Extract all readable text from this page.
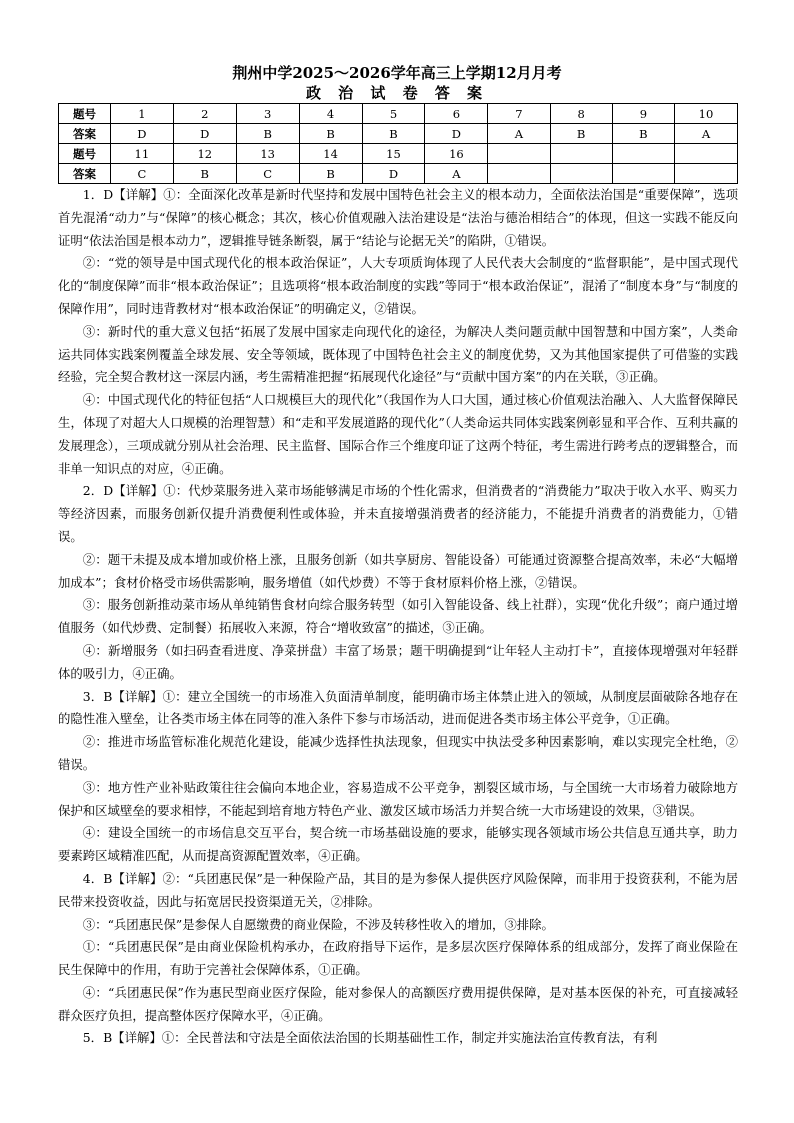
荆州中学2025～2026学年高三上学期12月月考
政 治 试 卷 答 案
题号	1	2	3	4	5	6	7	8	9	10
答案	D	D	B	B	B	D	A	B	B	A
题号	11	12	13	14	15	16				
答案	C	B	C	B	D	A				

1．D【详解】①：全面深化改革是新时代坚持和发展中国特色社会主义的根本动力，全面依法治国是“重要保障”，选项首先混淆“动力”与“保障”的核心概念；其次，核心价值观融入法治建设是“法治与德治相结合”的体现，但这一实践不能反向证明“依法治国是根本动力”，逻辑推导链条断裂，属于“结论与论据无关”的陷阱，①错误。

②：“党的领导是中国式现代化的根本政治保证”，人大专项质询体现了人民代表大会制度的“监督职能”，是中国式现代化的“制度保障”而非“根本政治保证”；且选项将“根本政治制度的实践”等同于“根本政治保证”，混淆了“制度本身”与“制度的保障作用”，同时违背教材对“根本政治保证”的明确定义，②错误。

③：新时代的重大意义包括“拓展了发展中国家走向现代化的途径，为解决人类问题贡献中国智慧和中国方案”，人类命运共同体实践案例覆盖全球发展、安全等领域，既体现了中国特色社会主义的制度优势，又为其他国家提供了可借鉴的实践经验，完全契合教材这一深层内涵，考生需精准把握“拓展现代化途径”与“贡献中国方案”的内在关联，③正确。

④：中国式现代化的特征包括“人口规模巨大的现代化”（我国作为人口大国，通过核心价值观法治融入、人大监督保障民生，体现了对超大人口规模的治理智慧）和“走和平发展道路的现代化”（人类命运共同体实践案例彰显和平合作、互利共赢的发展理念），三项成就分别从社会治理、民主监督、国际合作三个维度印证了这两个特征，考生需进行跨考点的逻辑整合，而非单一知识点的对应，④正确。

2．D【详解】①：代炒菜服务进入菜市场能够满足市场的个性化需求，但消费者的“消费能力”取决于收入水平、购买力等经济因素，而服务创新仅提升消费便利性或体验，并未直接增强消费者的经济能力，不能提升消费者的消费能力，①错误。

②：题干未提及成本增加或价格上涨，且服务创新（如共享厨房、智能设备）可能通过资源整合提高效率，未必“大幅增加成本”；食材价格受市场供需影响，服务增值（如代炒费）不等于食材原料价格上涨，②错误。

③：服务创新推动菜市场从单纯销售食材向综合服务转型（如引入智能设备、线上社群），实现“优化升级”；商户通过增值服务（如代炒费、定制餐）拓展收入来源，符合“增收致富”的描述，③正确。

④：新增服务（如扫码查看进度、净菜拼盘）丰富了场景；题干明确提到“让年轻人主动打卡”，直接体现增强对年轻群体的吸引力，④正确。

3．B【详解】①：建立全国统一的市场准入负面清单制度，能明确市场主体禁止进入的领域，从制度层面破除各地存在的隐性准入壁垒，让各类市场主体在同等的准入条件下参与市场活动，进而促进各类市场主体公平竞争，①正确。

②：推进市场监管标准化规范化建设，能减少选择性执法现象，但现实中执法受多种因素影响，难以实现完全杜绝，②错误。

③：地方性产业补贴政策往往会偏向本地企业，容易造成不公平竞争，割裂区域市场，与全国统一大市场着力破除地方保护和区域壁垒的要求相悖，不能起到培育地方特色产业、激发区域市场活力并契合统一大市场建设的效果，③错误。

④：建设全国统一的市场信息交互平台，契合统一市场基础设施的要求，能够实现各领域市场公共信息互通共享，助力要素跨区域精准匹配，从而提高资源配置效率，④正确。

4．B【详解】②：“兵团惠民保”是一种保险产品，其目的是为参保人提供医疗风险保障，而非用于投资获利，不能为居民带来投资收益，因此与拓宽居民投资渠道无关，②排除。

③：“兵团惠民保”是参保人自愿缴费的商业保险，不涉及转移性收入的增加，③排除。

①：“兵团惠民保”是由商业保险机构承办，在政府指导下运作，是多层次医疗保障体系的组成部分，发挥了商业保险在民生保障中的作用，有助于完善社会保障体系，①正确。

④：“兵团惠民保”作为惠民型商业医疗保险，能对参保人的高额医疗费用提供保障，是对基本医保的补充，可直接减轻群众医疗负担，提高整体医疗保障水平，④正确。

5．B【详解】①：全民普法和守法是全面依法治国的长期基础性工作，制定并实施法治宣传教育法，有利
